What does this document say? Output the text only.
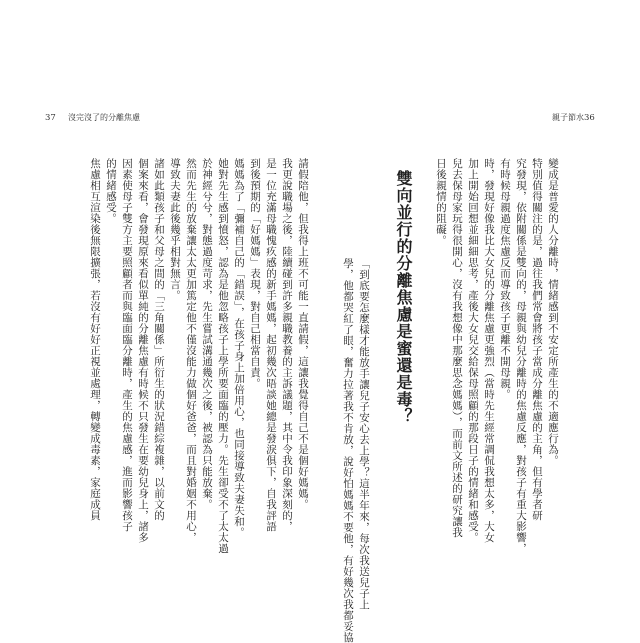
37 沒完沒了的分離焦慮	親子節水 36
焦慮相互渲染後無限擴張，若沒有好好正視並處理，轉變成毒素，家庭成員 的情緒感受。 因素使母子雙方主要照顧者而與臨面臨分離時，產生的焦慮感，進而影響孩子 個案來看，會發現原來看似單純的分離焦慮有時候不只發生在要幼兒身上，諸多 諸如此類孩子和父母之間的「三角關係」所衍生的狀況錯綜複雜，以前文的 導致夫妻此後幾乎相對無言。 然而先生的放棄讓太太更加篤定他不僅沒能力做個好爸爸，而且對婚姻不用心， 於神經兮兮，對態過度苛求，先生嘗試溝通幾次之後，被認為只能放棄。 她對先生感到憤怒，認為是他忽略孩子上學所要面臨的壓力。先生卻受不了太太過 媽媽為了「彌補自己的「錯誤」，在孩子身上加倍用心，也同接導致夫妻失和。 到後預期的「好媽媽」表現，對自己相當自責。 是一位充滿母職愧疚感的新手媽媽，起初幾次晤談她總是發淚俱下，自我評語 我更說職場之後，陸續碰到許多親職教養的主訴議題，其中令我印象深刻的， 請假陪他，但我得上班不可能一直請假，這讓我覺得自己不是個好媽媽。	學，他都哭紅了眼，奮力拉著我不肯放，說好怕媽媽不要他，有好幾次我都妥協 「到底要怎麼樣才能放手讓兒子安心去上學？這半年來，每次我送兒子上 雙向並行的分離焦慮是蜜還是毒？ 日後親情的阻礙。 兒去保母家玩得很開心，沒有我想像中那麼思念媽媽），而前文所述的研究讓我 加上開始回想並細細思考，產後大女兒交給保母照顧的那段日子的情緒和感受。 時，發現好像我比大女兒的分離焦慮更強烈（當時先生經常調侃我想太多，大女 有時候母親過度焦慮反而導致孩子更離不開母親。 究發現，依附關係是雙向的，母親與幼兒分離時的焦慮反應，對孩子有重大影響， 特別值得關注的是，過往我們常會將孩子當成分離焦慮的主角，但有學者研 變成是普愛的人分離時，情緒感到不安定所產生的不適應行為。
